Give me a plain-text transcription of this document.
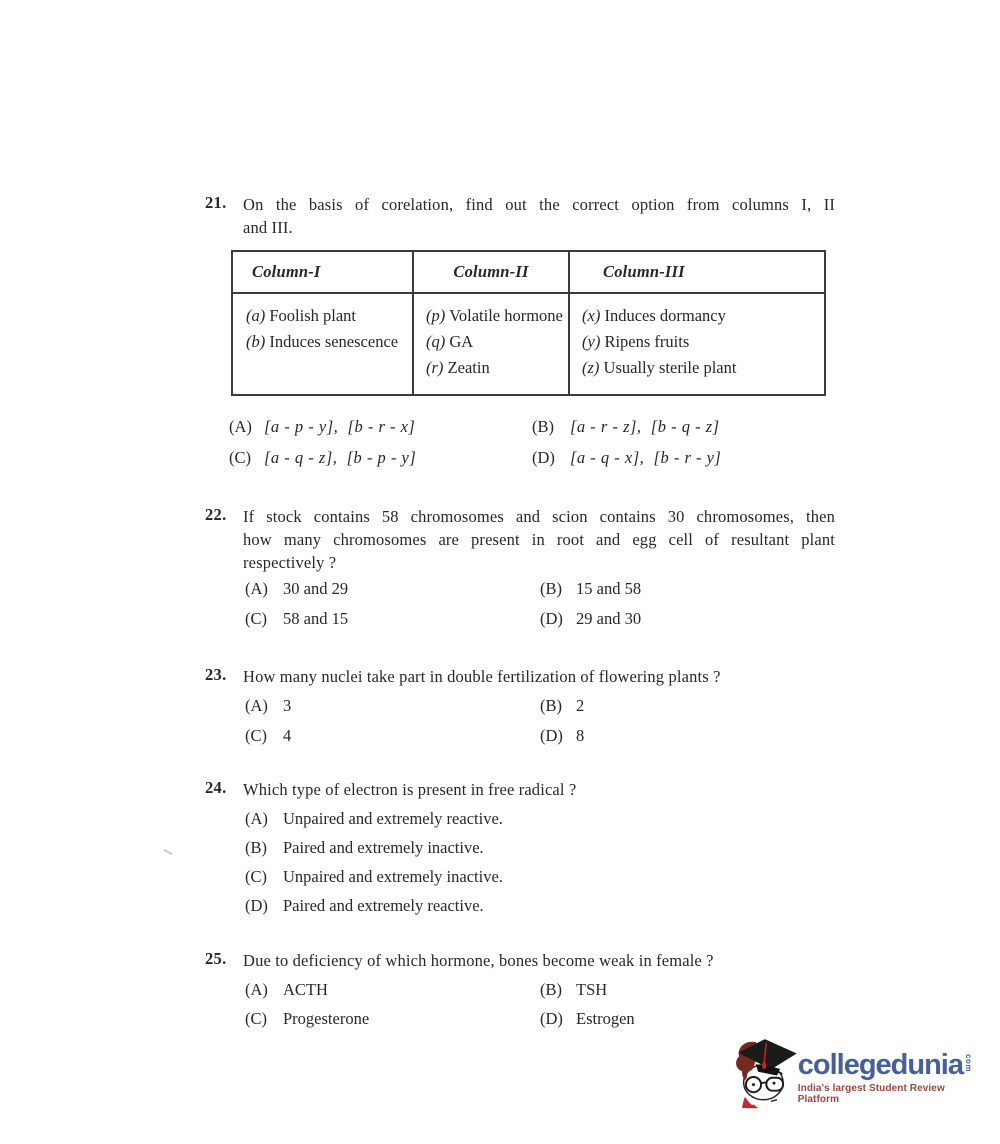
21. On the basis of corelation, find out the correct option from columns I, II
and III.
Column-I	Column-II	Column-III
(a) Foolish plant
(b) Induces senescence
(p) Volatile hormone
(q) GA
(r) Zeatin
(x) Induces dormancy
(y) Ripens fruits
(z) Usually sterile plant
(A) [a - p - y],  [b - r - x]	(B) [a - r - z],  [b - q - z]
(C) [a - q - z],  [b - p - y]	(D) [a - q - x],  [b - r - y]
22. If stock contains 58 chromosomes and scion contains 30 chromosomes, then
how many chromosomes are present in root and egg cell of resultant plant
respectively ?
(A) 30 and 29	(B) 15 and 58
(C) 58 and 15	(D) 29 and 30
23. How many nuclei take part in double fertilization of flowering plants ?
(A) 3	(B) 2
(C) 4	(D) 8
24. Which type of electron is present in free radical ?
(A) Unpaired and extremely reactive.
(B) Paired and extremely inactive.
(C) Unpaired and extremely inactive.
(D) Paired and extremely reactive.
25. Due to deficiency of which hormone, bones become weak in female ?
(A) ACTH	(B) TSH
(C) Progesterone	(D) Estrogen
collegedunia com
India's largest Student Review Platform
